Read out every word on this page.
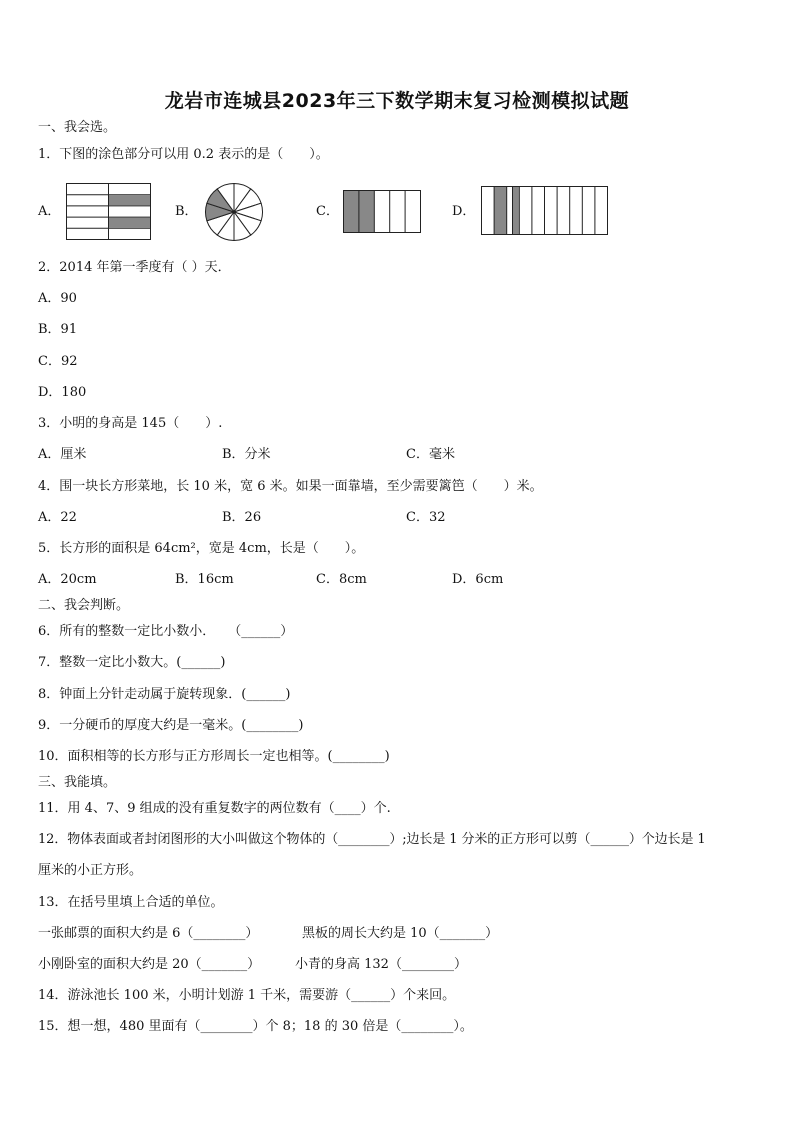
龙岩市连城县2023年三下数学期末复习检测模拟试题
一、我会选。
1．下图的涂色部分可以用 0.2 表示的是（　　）。
A．	B．	C．	D．
2．2014 年第一季度有（ ）天．
A．90
B．91
C．92
D．180
3．小明的身高是 145（　　）.
A．厘米	B．分米	C．毫米
4．围一块长方形菜地，长 10 米，宽 6 米。如果一面靠墙，至少需要篱笆（　　）米。
A．22	B．26	C．32
5．长方形的面积是 64cm²，宽是 4cm，长是（　　）。
A．20cm	B．16cm	C．8cm	D．6cm
二、我会判断。
6．所有的整数一定比小数小．　　（______）
7．整数一定比小数大。(______)
8．钟面上分针走动属于旋转现象．(______)
9．一分硬币的厚度大约是一毫米。(________)
10．面积相等的长方形与正方形周长一定也相等。(________)
三、我能填。
11．用 4、7、9 组成的没有重复数字的两位数有（____）个.
12．物体表面或者封闭图形的大小叫做这个物体的（________）;边长是 1 分米的正方形可以剪（______）个边长是 1
厘米的小正方形。
13．在括号里填上合适的单位。
一张邮票的面积大约是 6（________）	黑板的周长大约是 10（_______）
小刚卧室的面积大约是 20（_______）	小青的身高 132（________）
14．游泳池长 100 米，小明计划游 1 千米，需要游（______）个来回。
15．想一想，480 里面有（________）个 8；18 的 30 倍是（________）。
